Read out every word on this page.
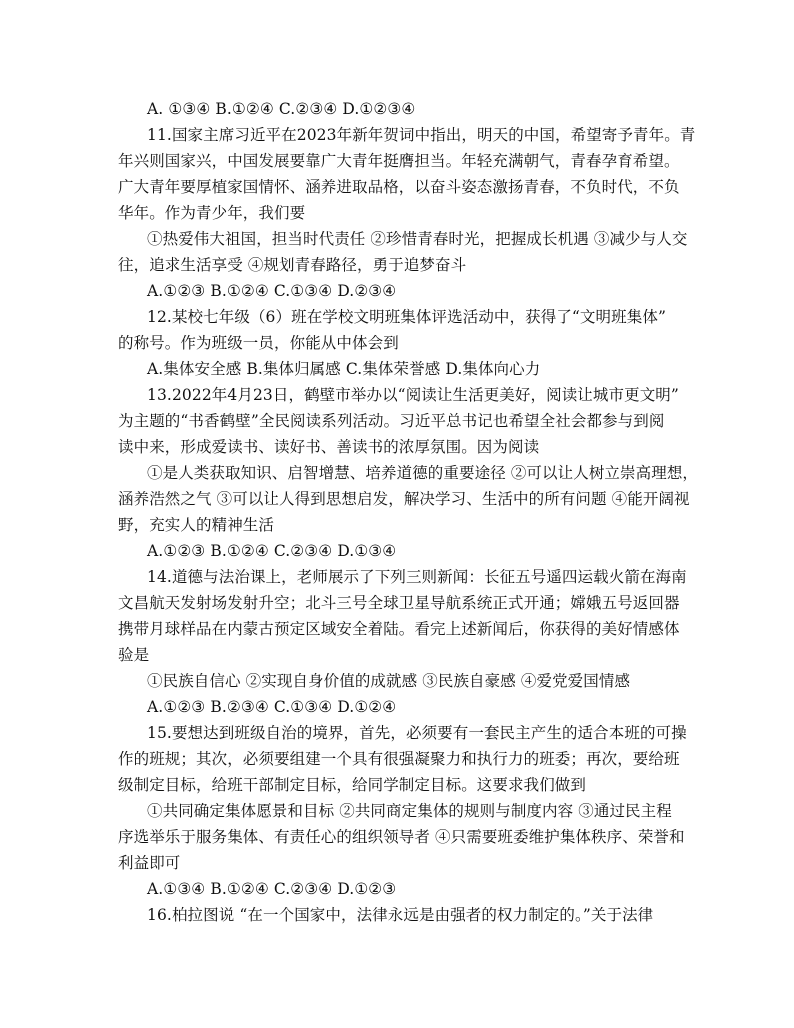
A. ①③④ B.①②④ C.②③④ D.①②③④
11.国家主席习近平在2023年新年贺词中指出，明天的中国，希望寄予青年。青
年兴则国家兴，中国发展要靠广大青年挺膺担当。年轻充满朝气，青春孕育希望。
广大青年要厚植家国情怀、涵养进取品格，以奋斗姿态激扬青春，不负时代，不负
华年。作为青少年，我们要
①热爱伟大祖国，担当时代责任 ②珍惜青春时光，把握成长机遇 ③减少与人交
往，追求生活享受 ④规划青春路径，勇于追梦奋斗
A.①②③ B.①②④ C.①③④ D.②③④
12.某校七年级（6）班在学校文明班集体评选活动中，获得了“文明班集体”
的称号。作为班级一员，你能从中体会到
A.集体安全感 B.集体归属感 C.集体荣誉感 D.集体向心力
13.2022年4月23日，鹤壁市举办以“阅读让生活更美好，阅读让城市更文明”
为主题的“书香鹤壁”全民阅读系列活动。习近平总书记也希望全社会都参与到阅
读中来，形成爱读书、读好书、善读书的浓厚氛围。因为阅读
①是人类获取知识、启智增慧、培养道德的重要途径 ②可以让人树立崇高理想，
涵养浩然之气 ③可以让人得到思想启发，解决学习、生活中的所有问题 ④能开阔视
野，充实人的精神生活
A.①②③ B.①②④ C.②③④ D.①③④
14.道德与法治课上，老师展示了下列三则新闻：长征五号遥四运载火箭在海南
文昌航天发射场发射升空；北斗三号全球卫星导航系统正式开通；嫦娥五号返回器
携带月球样品在内蒙古预定区域安全着陆。看完上述新闻后，你获得的美好情感体
验是
①民族自信心 ②实现自身价值的成就感 ③民族自豪感 ④爱党爱国情感
A.①②③ B.②③④ C.①③④ D.①②④
15.要想达到班级自治的境界，首先，必须要有一套民主产生的适合本班的可操
作的班规；其次，必须要组建一个具有很强凝聚力和执行力的班委；再次，要给班
级制定目标，给班干部制定目标，给同学制定目标。这要求我们做到
①共同确定集体愿景和目标 ②共同商定集体的规则与制度内容 ③通过民主程
序选举乐于服务集体、有责任心的组织领导者 ④只需要班委维护集体秩序、荣誉和
利益即可
A.①③④ B.①②④ C.②③④ D.①②③
16.柏拉图说 “在一个国家中，法律永远是由强者的权力制定的。”关于法律
